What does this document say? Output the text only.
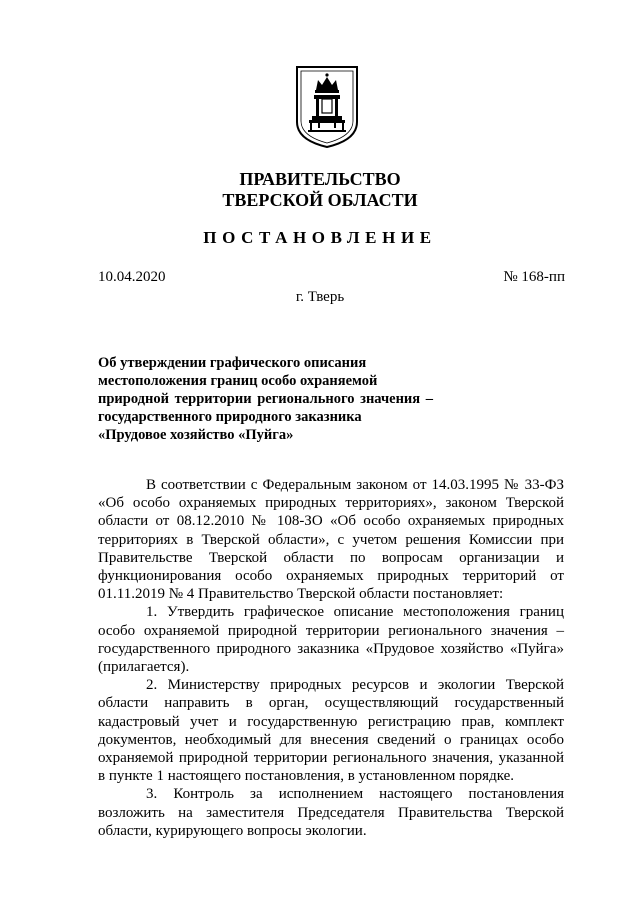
ПРАВИТЕЛЬСТВО
ТВЕРСКОЙ ОБЛАСТИ
ПОСТАНОВЛЕНИЕ
10.04.2020	№ 168-пп
г. Тверь
Об утверждении графического описания
местоположения границ особо охраняемой
природной территории регионального значения –
государственного природного заказника
«Прудовое хозяйство «Пуйга»

В соответствии с Федеральным законом от 14.03.1995 № 33-ФЗ «Об особо охраняемых природных территориях», законом Тверской области от 08.12.2010 № 108-ЗО «Об особо охраняемых природных территориях в Тверской области», с учетом решения Комиссии при Правительстве Тверской области по вопросам организации и функционирования особо охраняемых природных территорий от 01.11.2019 № 4 Правительство Тверской области постановляет:

1. Утвердить графическое описание местоположения границ особо охраняемой природной территории регионального значения – государственного природного заказника «Прудовое хозяйство «Пуйга» (прилагается).

2. Министерству природных ресурсов и экологии Тверской области направить в орган, осуществляющий государственный кадастровый учет и государственную регистрацию прав, комплект документов, необходимый для внесения сведений о границах особо охраняемой природной территории регионального значения, указанной в пункте 1 настоящего постановления, в установленном порядке.

3. Контроль за исполнением настоящего постановления возложить на заместителя Председателя Правительства Тверской области, курирующего вопросы экологии.
